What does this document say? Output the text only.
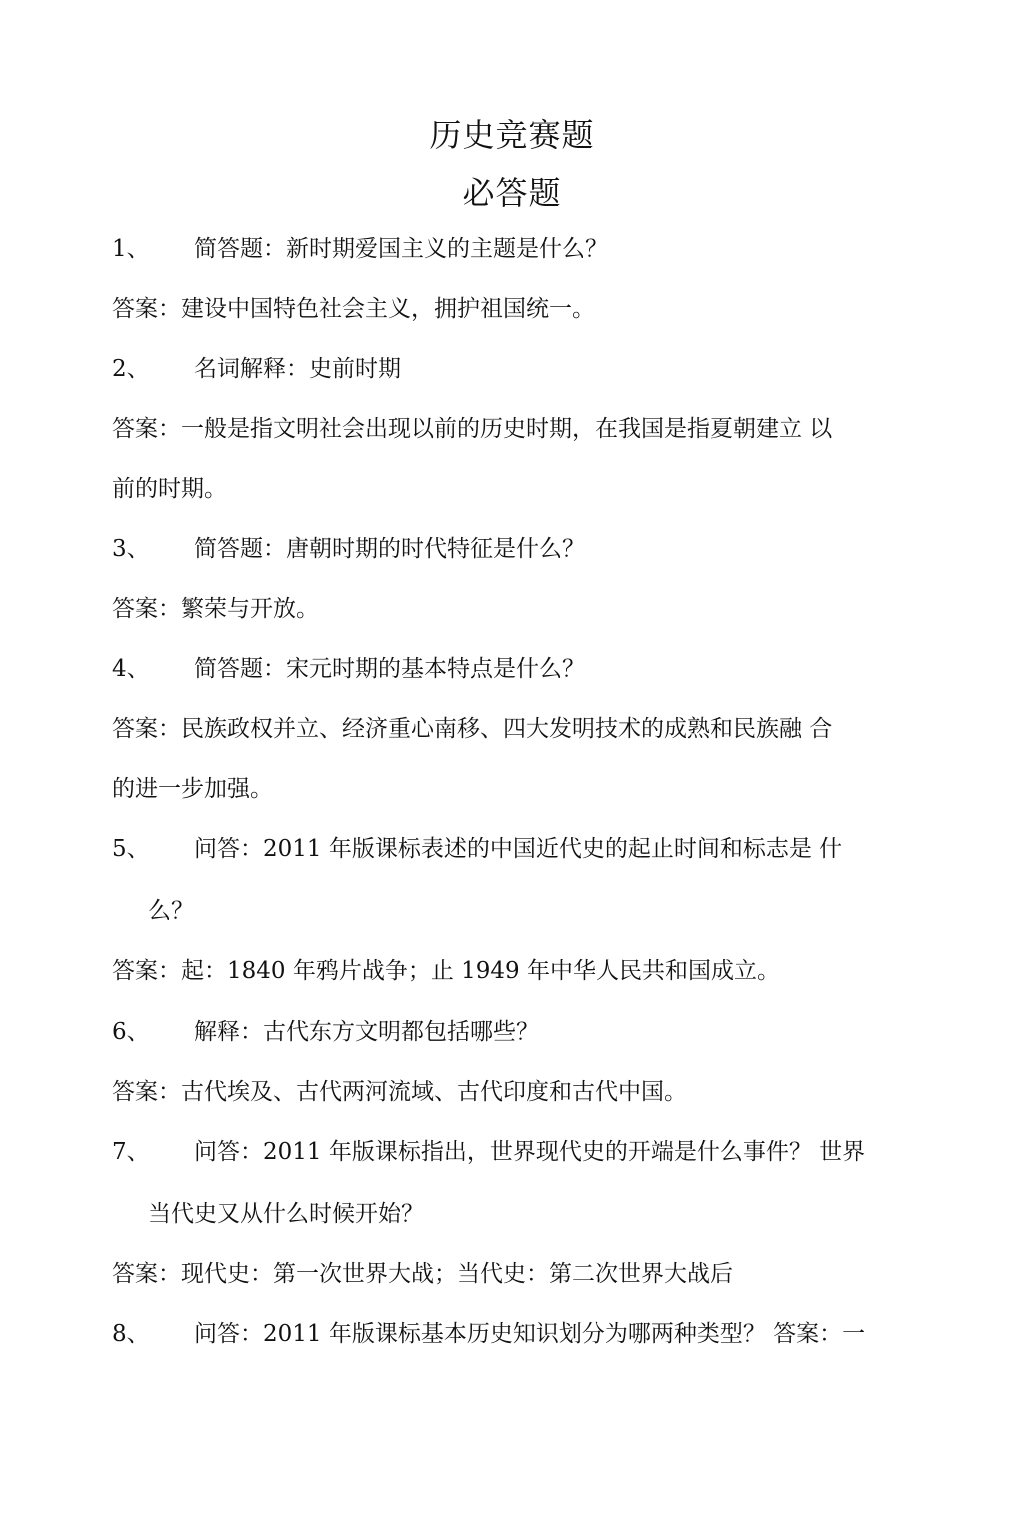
历史竞赛题
必答题
1、 简答题：新时期爱国主义的主题是什么？
答案：建设中国特色社会主义，拥护祖国统一。
2、 名词解释：史前时期
答案：一般是指文明社会出现以前的历史时期，在我国是指夏朝建立 以
前的时期。
3、 简答题：唐朝时期的时代特征是什么？
答案：繁荣与开放。
4、 简答题：宋元时期的基本特点是什么？
答案：民族政权并立、经济重心南移、四大发明技术的成熟和民族融 合
的进一步加强。
5、 问答：2011 年版课标表述的中国近代史的起止时间和标志是 什
么？
答案：起：1840 年鸦片战争；止 1949 年中华人民共和国成立。
6、 解释：古代东方文明都包括哪些？
答案：古代埃及、古代两河流域、古代印度和古代中国。
7、 问答：2011 年版课标指出，世界现代史的开端是什么事件？ 世界
当代史又从什么时候开始？
答案：现代史：第一次世界大战；当代史：第二次世界大战后
8、 问答：2011 年版课标基本历史知识划分为哪两种类型？ 答案：一
